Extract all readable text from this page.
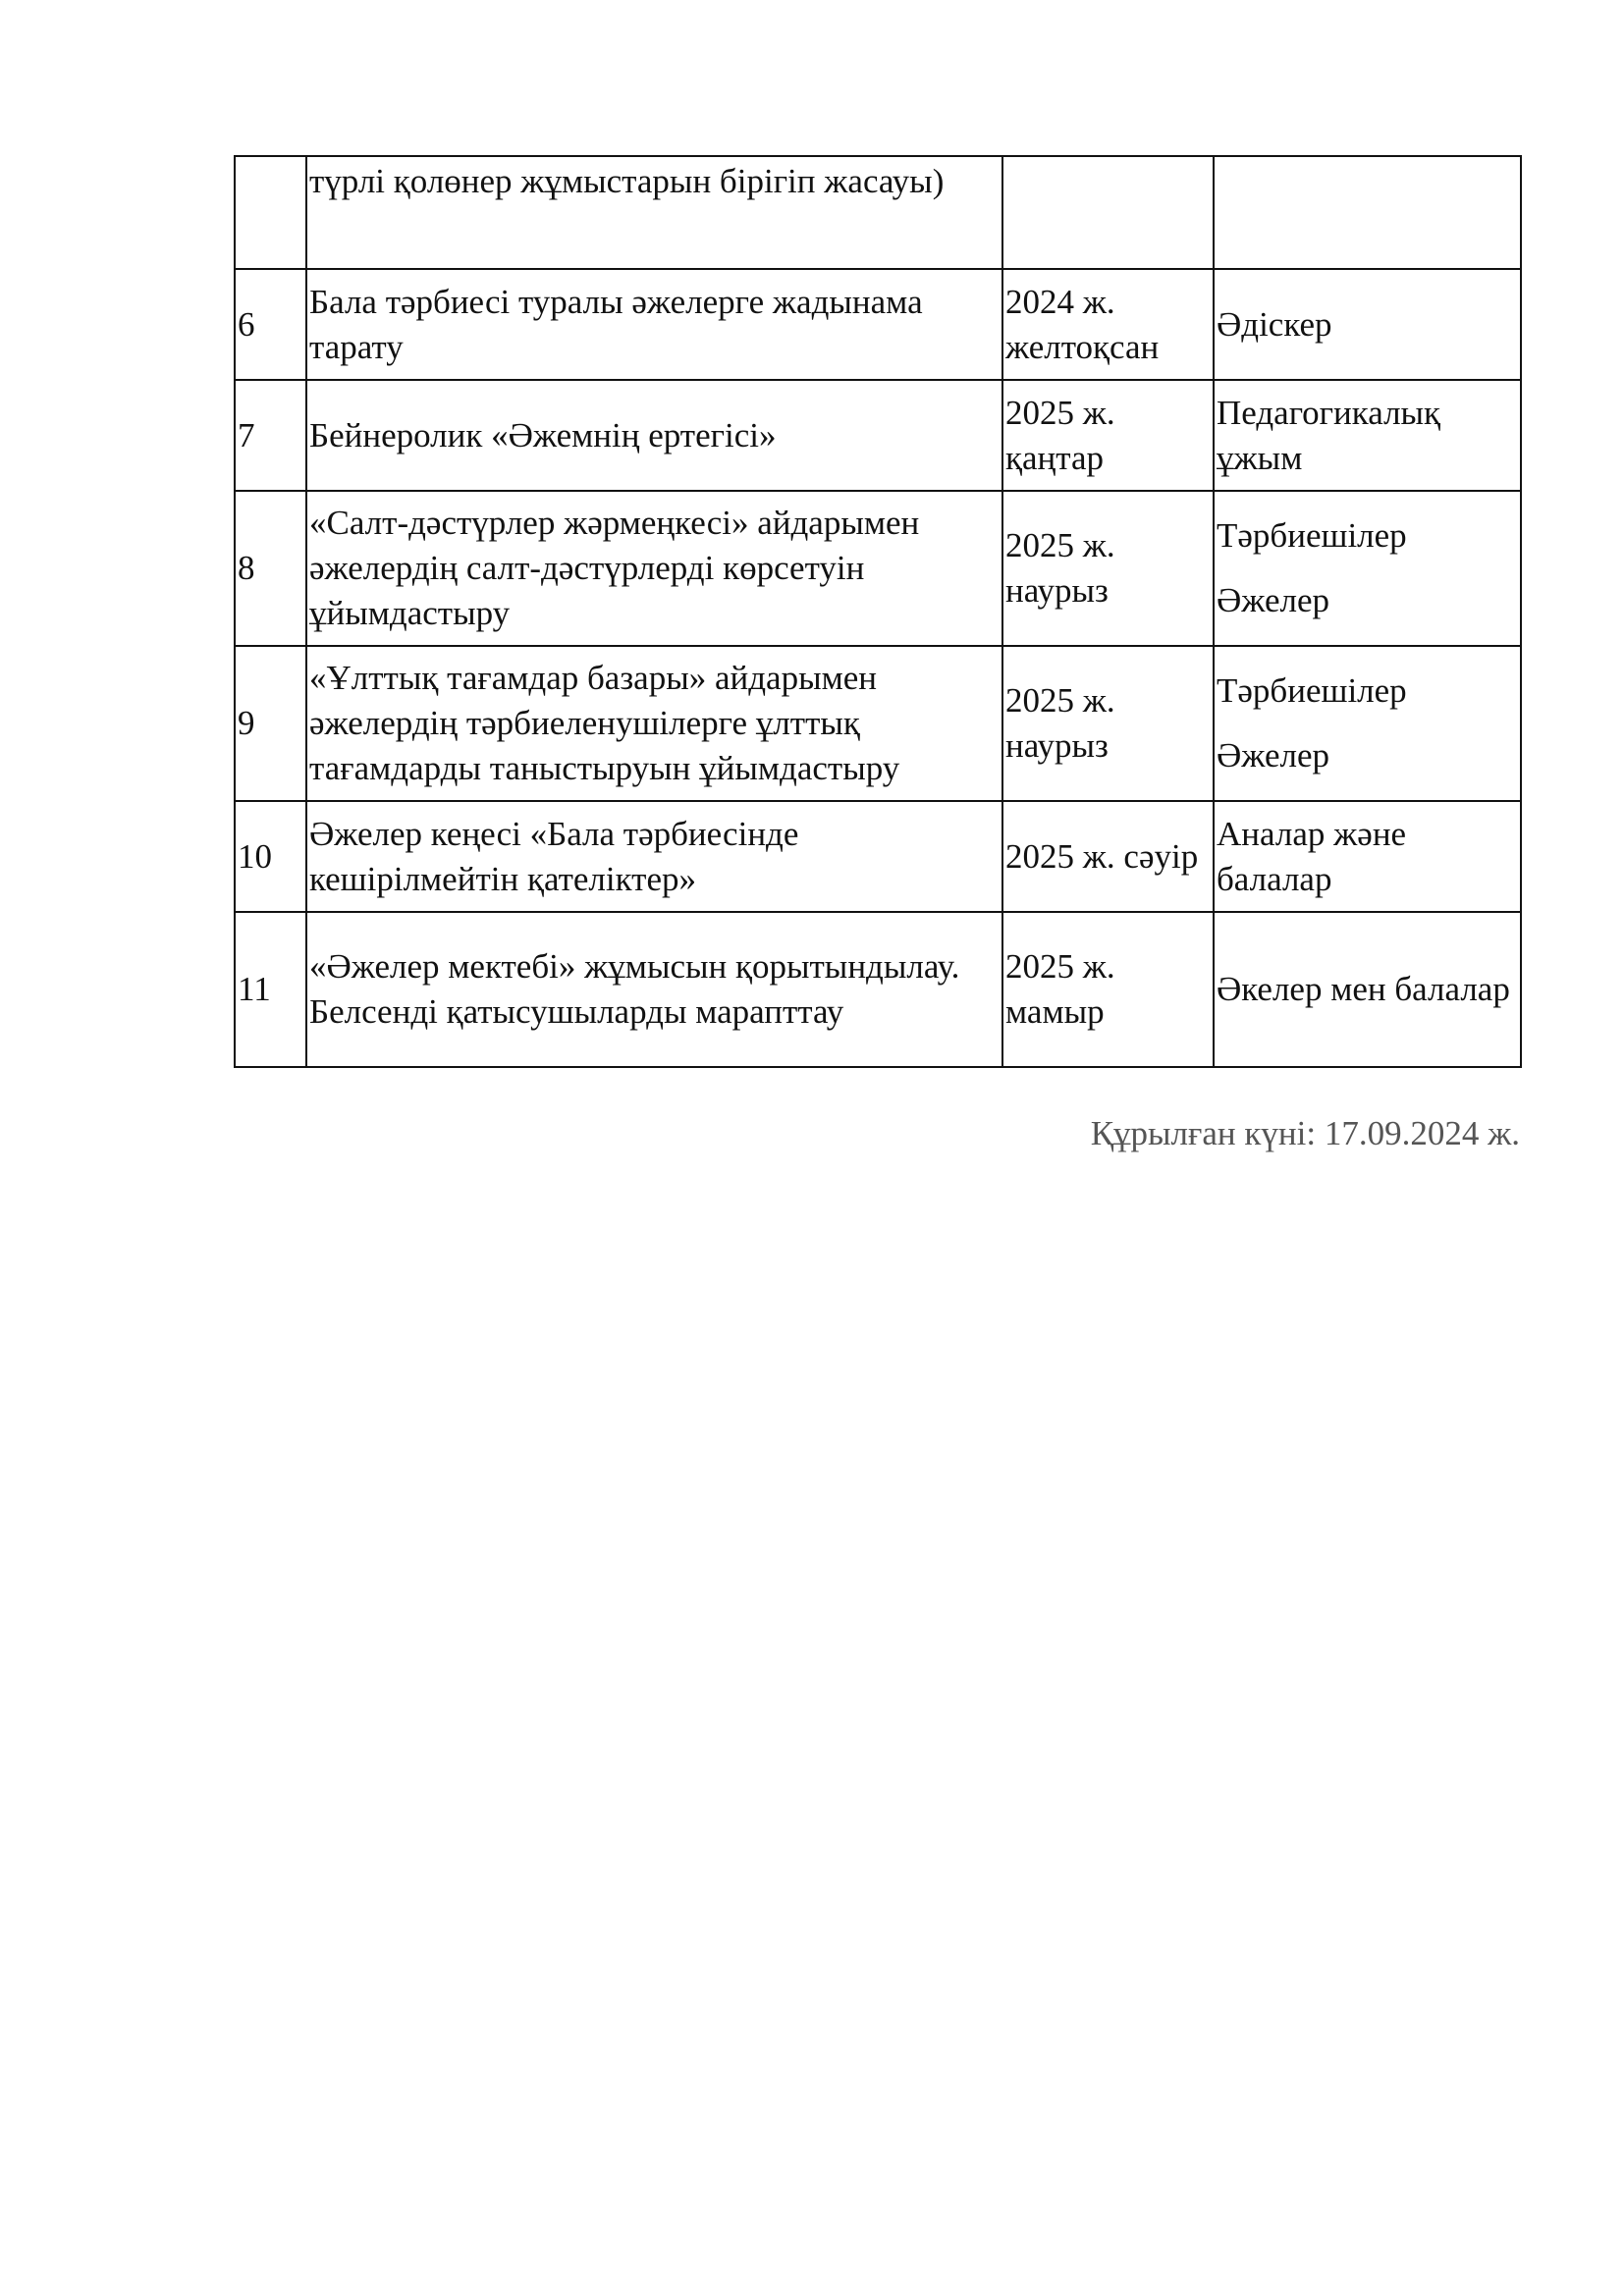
	түрлі қолөнер жұмыстарын бірігіп жасауы)		
6	Бала тәрбиесі туралы әжелерге жадынама тарату	2024 ж. желтоқсан	Әдіскер
7	Бейнеролик «Әжемнің ертегісі»	2025 ж. қаңтар	Педагогикалық ұжым
8	«Салт-дәстүрлер жәрмеңкесі» айдарымен әжелердің салт-дәстүрлерді көрсетуін ұйымдастыру	2025 ж. наурыз	Тәрбиешілер
Әжелер

9	«Ұлттық тағамдар базары» айдарымен әжелердің тәрбиеленушілерге ұлттық тағамдарды таныстыруын ұйымдастыру	2025 ж. наурыз	Тәрбиешілер
Әжелер

10	Әжелер кеңесі «Бала тәрбиесінде кешірілмейтін қателіктер»	2025 ж. сәуір	Аналар және балалар
11	«Әжелер мектебі» жұмысын қорытындылау. Белсенді қатысушыларды марапттау	2025 ж. мамыр	Әкелер мен балалар
Құрылған күні: 17.09.2024 ж.
